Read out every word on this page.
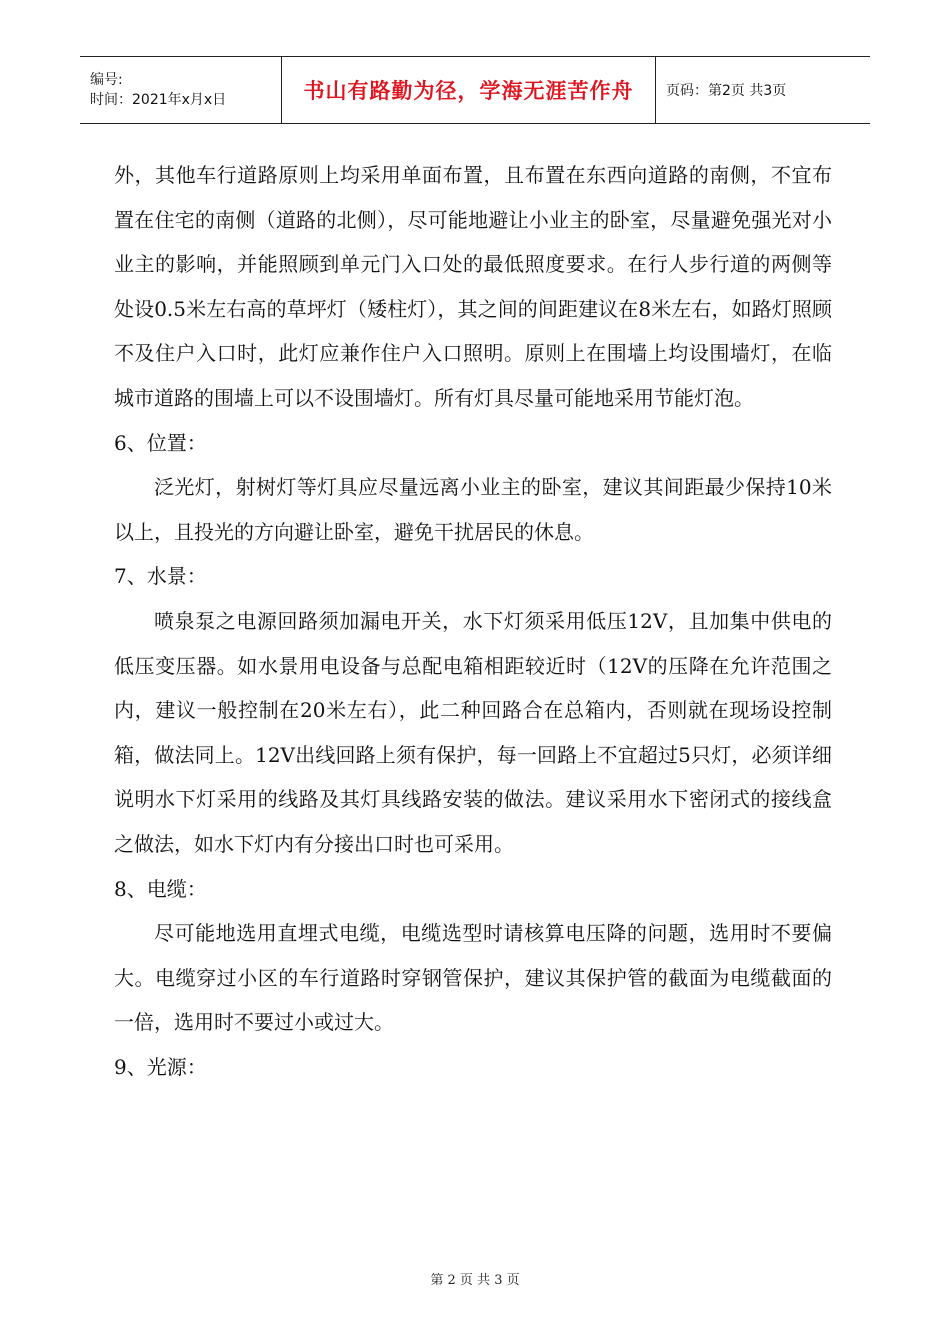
编号:
时间：2021年x月x日	书山有路勤为径，学海无涯苦作舟 页码：第2页 共3页

外，其他车行道路原则上均采用单面布置，且布置在东西向道路的南侧，不宜布置在住宅的南侧（道路的北侧），尽可能地避让小业主的卧室，尽量避免强光对小业主的影响，并能照顾到单元门入口处的最低照度要求。在行人步行道的两侧等处设0.5米左右高的草坪灯（矮柱灯），其之间的间距建议在8米左右，如路灯照顾不及住户入口时，此灯应兼作住户入口照明。原则上在围墙上均设围墙灯，在临城市道路的围墙上可以不设围墙灯。所有灯具尽量可能地采用节能灯泡。

6、位置：

泛光灯，射树灯等灯具应尽量远离小业主的卧室，建议其间距最少保持10米以上，且投光的方向避让卧室，避免干扰居民的休息。

7、水景：

喷泉泵之电源回路须加漏电开关，水下灯须采用低压12V，且加集中供电的低压变压器。如水景用电设备与总配电箱相距较近时（12V的压降在允许范围之内，建议一般控制在20米左右），此二种回路合在总箱内，否则就在现场设控制箱，做法同上。12V出线回路上须有保护，每一回路上不宜超过5只灯，必须详细说明水下灯采用的线路及其灯具线路安装的做法。建议采用水下密闭式的接线盒之做法，如水下灯内有分接出口时也可采用。

8、电缆：

尽可能地选用直埋式电缆，电缆选型时请核算电压降的问题，选用时不要偏大。电缆穿过小区的车行道路时穿钢管保护，建议其保护管的截面为电缆截面的一倍，选用时不要过小或过大。

9、光源：

第 2 页 共 3 页
